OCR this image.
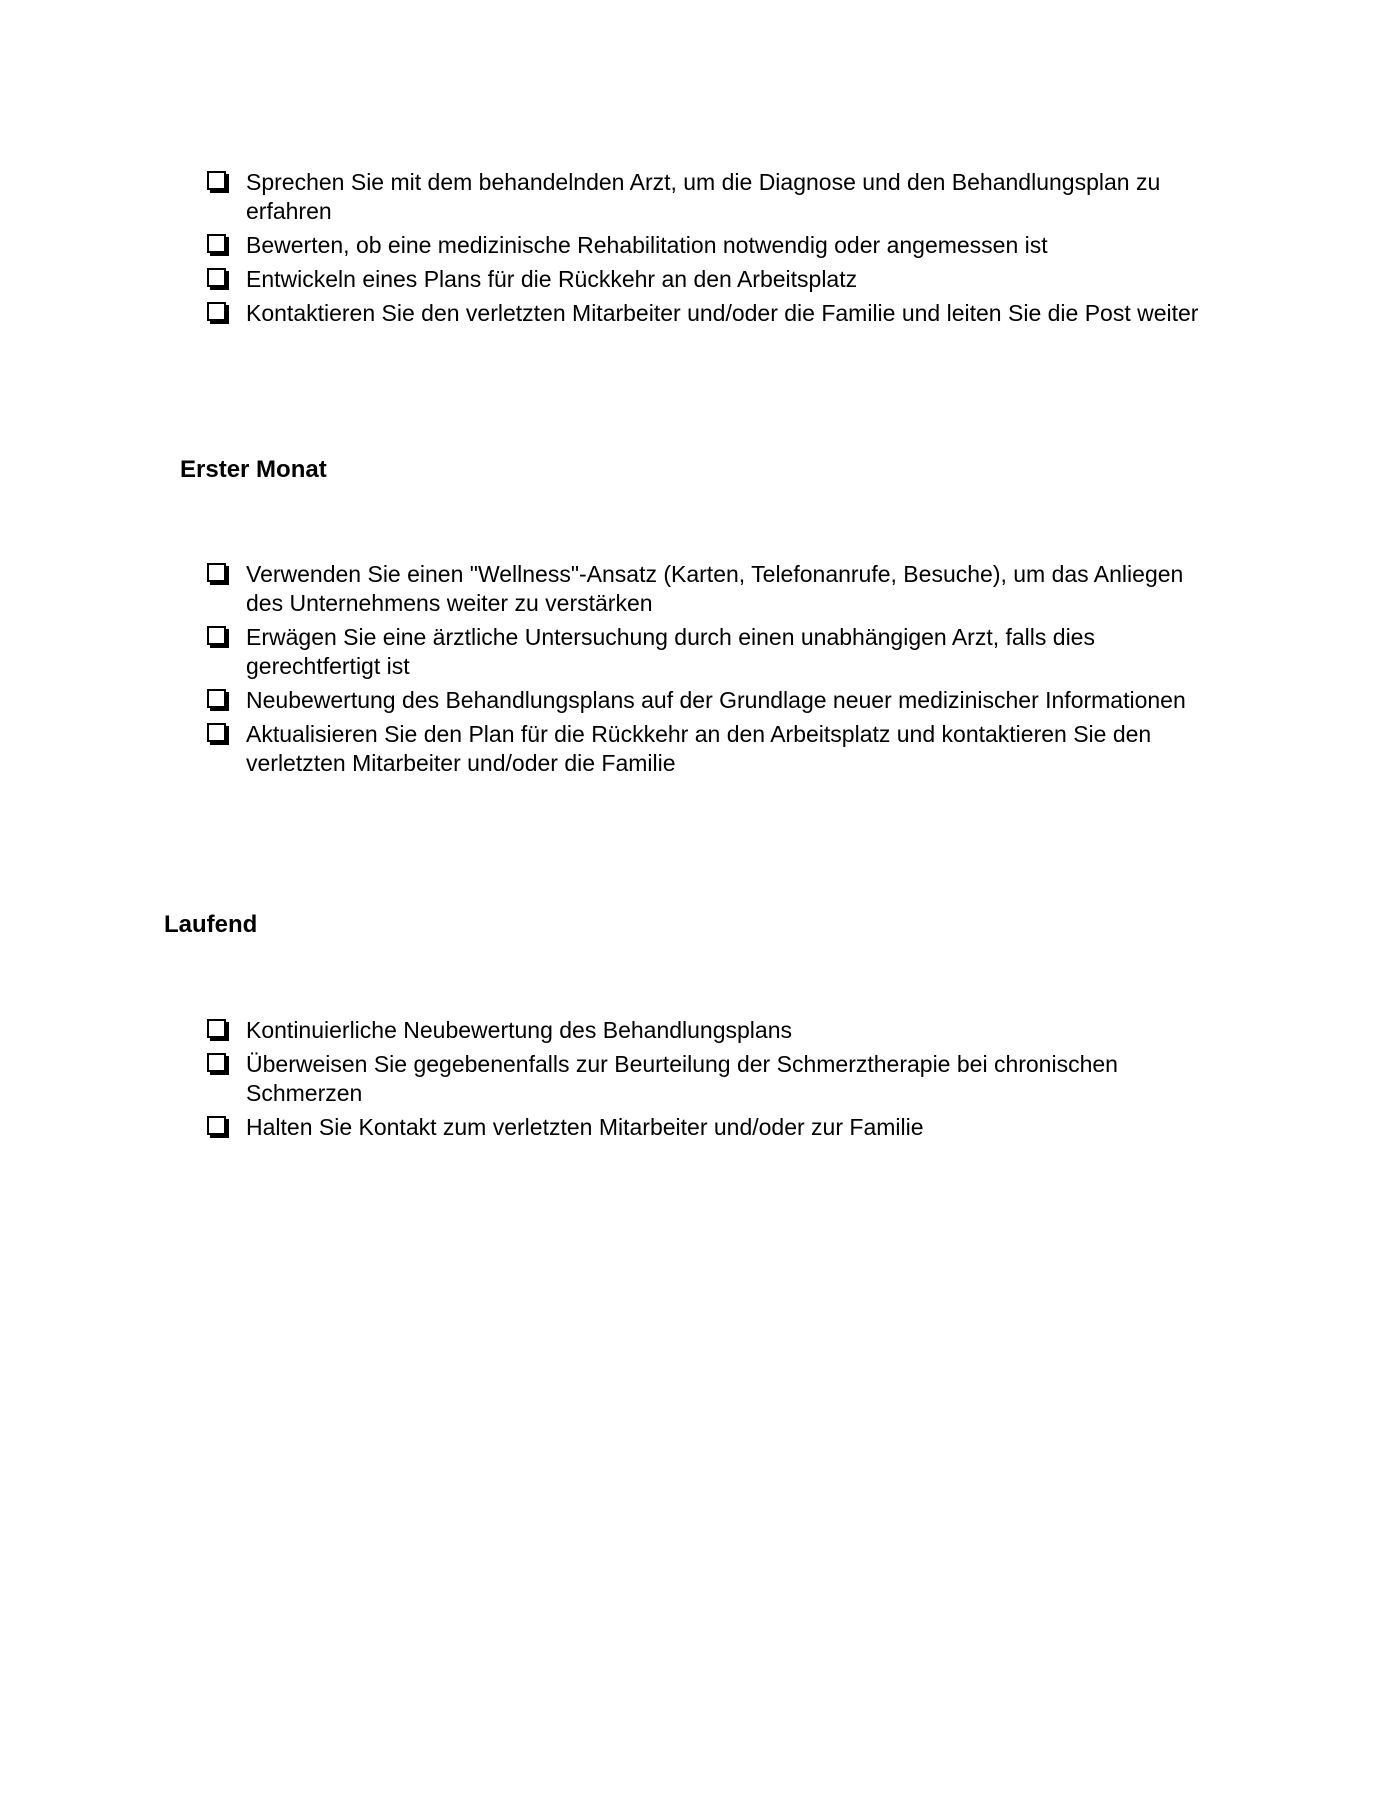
Sprechen Sie mit dem behandelnden Arzt, um die Diagnose und den Behandlungsplan zu erfahren
Bewerten, ob eine medizinische Rehabilitation notwendig oder angemessen ist
Entwickeln eines Plans für die Rückkehr an den Arbeitsplatz
Kontaktieren Sie den verletzten Mitarbeiter und/oder die Familie und leiten Sie die Post weiter
Erster Monat
Verwenden Sie einen "Wellness"-Ansatz (Karten, Telefonanrufe, Besuche), um das Anliegen des Unternehmens weiter zu verstärken
Erwägen Sie eine ärztliche Untersuchung durch einen unabhängigen Arzt, falls dies gerechtfertigt ist
Neubewertung des Behandlungsplans auf der Grundlage neuer medizinischer Informationen
Aktualisieren Sie den Plan für die Rückkehr an den Arbeitsplatz und kontaktieren Sie den verletzten Mitarbeiter und/oder die Familie
Laufend
Kontinuierliche Neubewertung des Behandlungsplans
Überweisen Sie gegebenenfalls zur Beurteilung der Schmerztherapie bei chronischen Schmerzen
Halten Sie Kontakt zum verletzten Mitarbeiter und/oder zur Familie
